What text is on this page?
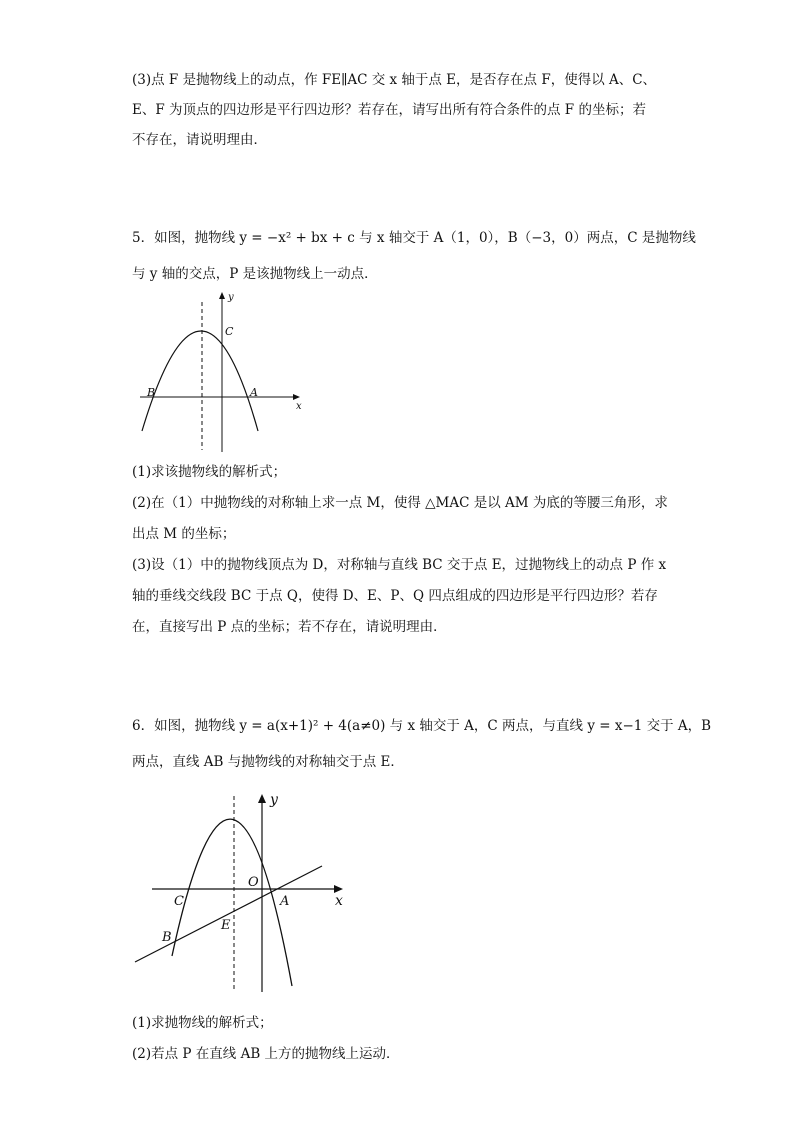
(3)点 F 是抛物线上的动点，作 FE∥AC 交 x 轴于点 E，是否存在点 F，使得以 A、C、
E、F 为顶点的四边形是平行四边形？若存在，请写出所有符合条件的点 F 的坐标；若
不存在，请说明理由．
5．如图，抛物线 y = −x² + bx + c 与 x 轴交于 A（1，0），B（−3，0）两点，C 是抛物线
与 y 轴的交点，P 是该抛物线上一动点．
B	A
C
y
x
(1)求该抛物线的解析式；
(2)在（1）中抛物线的对称轴上求一点 M，使得 △MAC 是以 AM 为底的等腰三角形，求
出点 M 的坐标；
(3)设（1）中的抛物线顶点为 D，对称轴与直线 BC 交于点 E，过抛物线上的动点 P 作 x
轴的垂线交线段 BC 于点 Q，使得 D、E、P、Q 四点组成的四边形是平行四边形？若存
在，直接写出 P 点的坐标；若不存在，请说明理由．
6．如图，抛物线 y = a(x+1)² + 4(a≠0) 与 x 轴交于 A，C 两点，与直线 y = x−1 交于 A，B
两点，直线 AB 与抛物线的对称轴交于点 E．
y
x
O
C	A
B
E
(1)求抛物线的解析式；
(2)若点 P 在直线 AB 上方的抛物线上运动．
